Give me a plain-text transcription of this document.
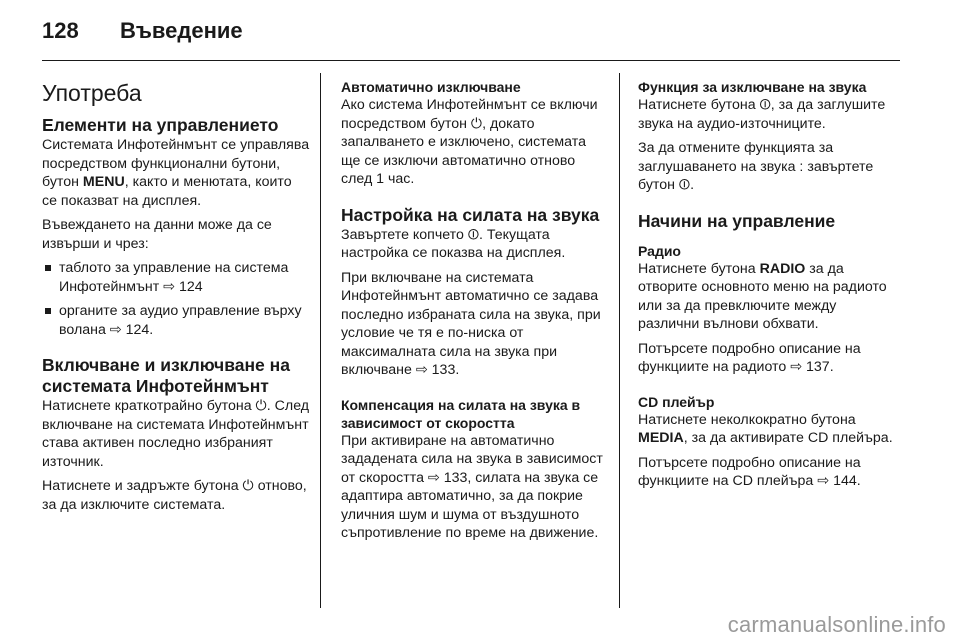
128	Въведение
Употреба
Елементи на управлението

Системата Инфотейнмънт се управлява посредством функционални бутони, бутон MENU, както и менютата, които се показват на дисплея.

Въвеждането на данни може да се извърши и чрез:

таблото за управление на система Инфотейнмънт ⇨ 124
органите за аудио управление върху волана ⇨ 124.
Включване и изключване на системата Инфотейнмънт

Натиснете краткотрайно бутона ⏻. След включване на системата Инфотейнмънт става активен последно избраният източник.

Натиснете и задръжте бутона ⏻ отново, за да изключите системата.

Автоматично изключване

Ако система Инфотейнмънт се включи посредством бутон ⏻, докато запалването е изключено, системата ще се изключи автоматично отново след 1 час.

Настройка на силата на звука

Завъртете копчето ⏼. Текущата настройка се показва на дисплея.

При включване на системата Инфотейнмънт автоматично се задава последно избраната сила на звука, при условие че тя е по-ниска от максималната сила на звука при включване ⇨ 133.

Компенсация на силата на звука в зависимост от скоростта

При активиране на автоматично зададената сила на звука в зависимост от скоростта ⇨ 133, силата на звука се адаптира автоматично, за да покрие уличния шум и шума от въздушното съпротивление по време на движение.

Функция за изключване на звука

Натиснете бутона ⏼, за да заглушите звука на аудио-източниците.

За да отмените функцията за заглушаването на звука : завъртете бутон ⏼.

Начини на управление
Радио

Натиснете бутона RADIO за да отворите основното меню на радиото или за да превключите между различни вълнови обхвати.

Потърсете подробно описание на функциите на радиото ⇨ 137.

CD плейър

Натиснете неколкократно бутона MEDIA, за да активирате CD плейъра.

Потърсете подробно описание на функциите на CD плейъра ⇨ 144.

carmanualsonline.info
